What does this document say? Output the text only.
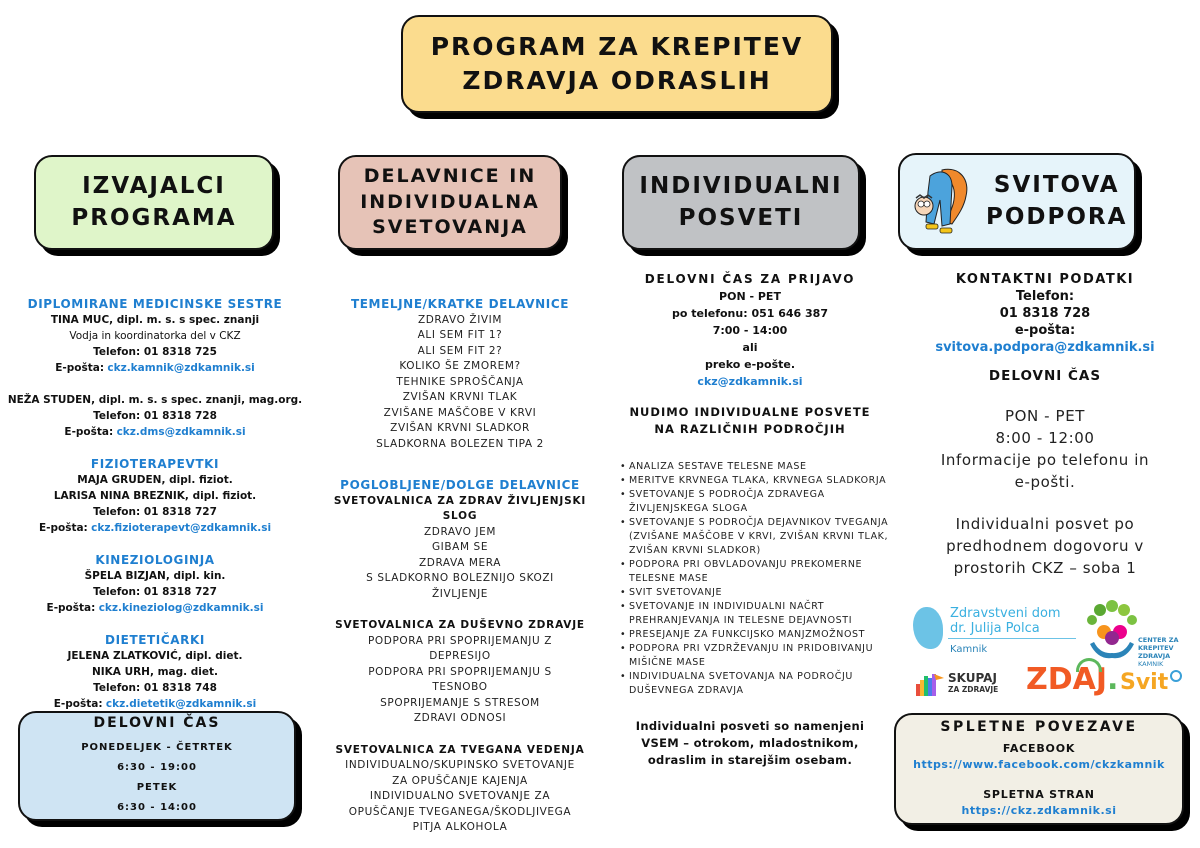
PROGRAM ZA KREPITEV
ZDRAVJA ODRASLIH
IZVAJALCI
PROGRAMA
DELAVNICE IN
INDIVIDUALNA
SVETOVANJA
INDIVIDUALNI
POSVETI
SVITOVA
PODPORA
DIPLOMIRANE MEDICINSKE SESTRE
TINA MUC, dipl. m. s. s spec. znanji
Vodja in koordinatorka del v CKZ
Telefon: 01 8318 725
E-pošta: ckz.kamnik@zdkamnik.si
NEŽA STUDEN, dipl. m. s. s spec. znanji, mag.org.
Telefon: 01 8318 728
E-pošta: ckz.dms@zdkamnik.si
FIZIOTERAPEVTKI
MAJA GRUDEN, dipl. fiziot.
LARISA NINA BREZNIK, dipl. fiziot.
Telefon: 01 8318 727
E-pošta: ckz.fizioterapevt@zdkamnik.si
KINEZIOLOGINJA
ŠPELA BIZJAN, dipl. kin.
Telefon: 01 8318 727
E-pošta: ckz.kineziolog@zdkamnik.si
DIETETIČARKI
JELENA ZLATKOVIĆ, dipl. diet.
NIKA URH, mag. diet.
Telefon: 01 8318 748
E-pošta: ckz.dietetik@zdkamnik.si
DELOVNI ČAS
PONEDELJEK - ČETRTEK
6:30 - 19:00
PETEK
6:30 - 14:00
TEMELJNE/KRATKE DELAVNICE
ZDRAVO ŽIVIM
ALI SEM FIT 1?
ALI SEM FIT 2?
KOLIKO ŠE ZMOREM?
TEHNIKE SPROŠČANJA
ZVIŠAN KRVNI TLAK
ZVIŠANE MAŠČOBE V KRVI
ZVIŠAN KRVNI SLADKOR
SLADKORNA BOLEZEN TIPA 2
POGLOBLJENE/DOLGE DELAVNICE
SVETOVALNICA ZA ZDRAV ŽIVLJENJSKI
SLOG
ZDRAVO JEM
GIBAM SE
ZDRAVA MERA
S SLADKORNO BOLEZNIJO SKOZI
ŽIVLJENJE
SVETOVALNICA ZA DUŠEVNO ZDRAVJE
PODPORA PRI SPOPRIJEMANJU Z
DEPRESIJO
PODPORA PRI SPOPRIJEMANJU S
TESNOBO
SPOPRIJEMANJE S STRESOM
ZDRAVI ODNOSI
SVETOVALNICA ZA TVEGANA VEDENJA
INDIVIDUALNO/SKUPINSKO SVETOVANJE
ZA OPUŠČANJE KAJENJA
INDIVIDUALNO SVETOVANJE ZA
OPUŠČANJE TVEGANEGA/ŠKODLJIVEGA
PITJA ALKOHOLA
DELOVNI ČAS ZA PRIJAVO
PON - PET
po telefonu: 051 646 387
7:00 - 14:00
ali
preko e-pošte.
ckz@zdkamnik.si
NUDIMO INDIVIDUALNE POSVETE
NA RAZLIČNIH PODROČJIH
• ANALIZA SESTAVE TELESNE MASE
• MERITVE KRVNEGA TLAKA, KRVNEGA SLADKORJA
• SVETOVANJE S PODROČJA ZDRAVEGA ŽIVLJENJSKEGA SLOGA
• SVETOVANJE S PODROČJA DEJAVNIKOV TVEGANJA (ZVIŠANE MAŠČOBE V KRVI, ZVIŠAN KRVNI TLAK, ZVIŠAN KRVNI SLADKOR)
• PODPORA PRI OBVLADOVANJU PREKOMERNE TELESNE MASE
• SVIT SVETOVANJE
• SVETOVANJE IN INDIVIDUALNI NAČRT PREHRANJEVANJA IN TELESNE DEJAVNOSTI
• PRESEJANJE ZA FUNKCIJSKO MANJZMOŽNOST
• PODPORA PRI VZDRŽEVANJU IN PRIDOBIVANJU MIŠIČNE MASE
• INDIVIDUALNA SVETOVANJA NA PODROČJU DUŠEVNEGA ZDRAVJA
Individualni posveti so namenjeni
VSEM – otrokom, mladostnikom,
odraslim in starejšim osebam.
KONTAKTNI PODATKI
Telefon:
01 8318 728
e-pošta:
svitova.podpora@zdkamnik.si
DELOVNI ČAS
PON - PET
8:00 - 12:00
Informacije po telefonu in
e-pošti.
Individualni posvet po
predhodnem dogovoru v
prostorih CKZ – soba 1
Zdravstveni dom
dr. Julija Polca
Kamnik
CENTER ZA
KREPITEV
ZDRAVJA
KAMNIK
SKUPAJ
ZA ZDRAVJE ZDAJ. Svit
SPLETNE POVEZAVE
FACEBOOK
https://www.facebook.com/ckzkamnik
SPLETNA STRAN
https://ckz.zdkamnik.si
